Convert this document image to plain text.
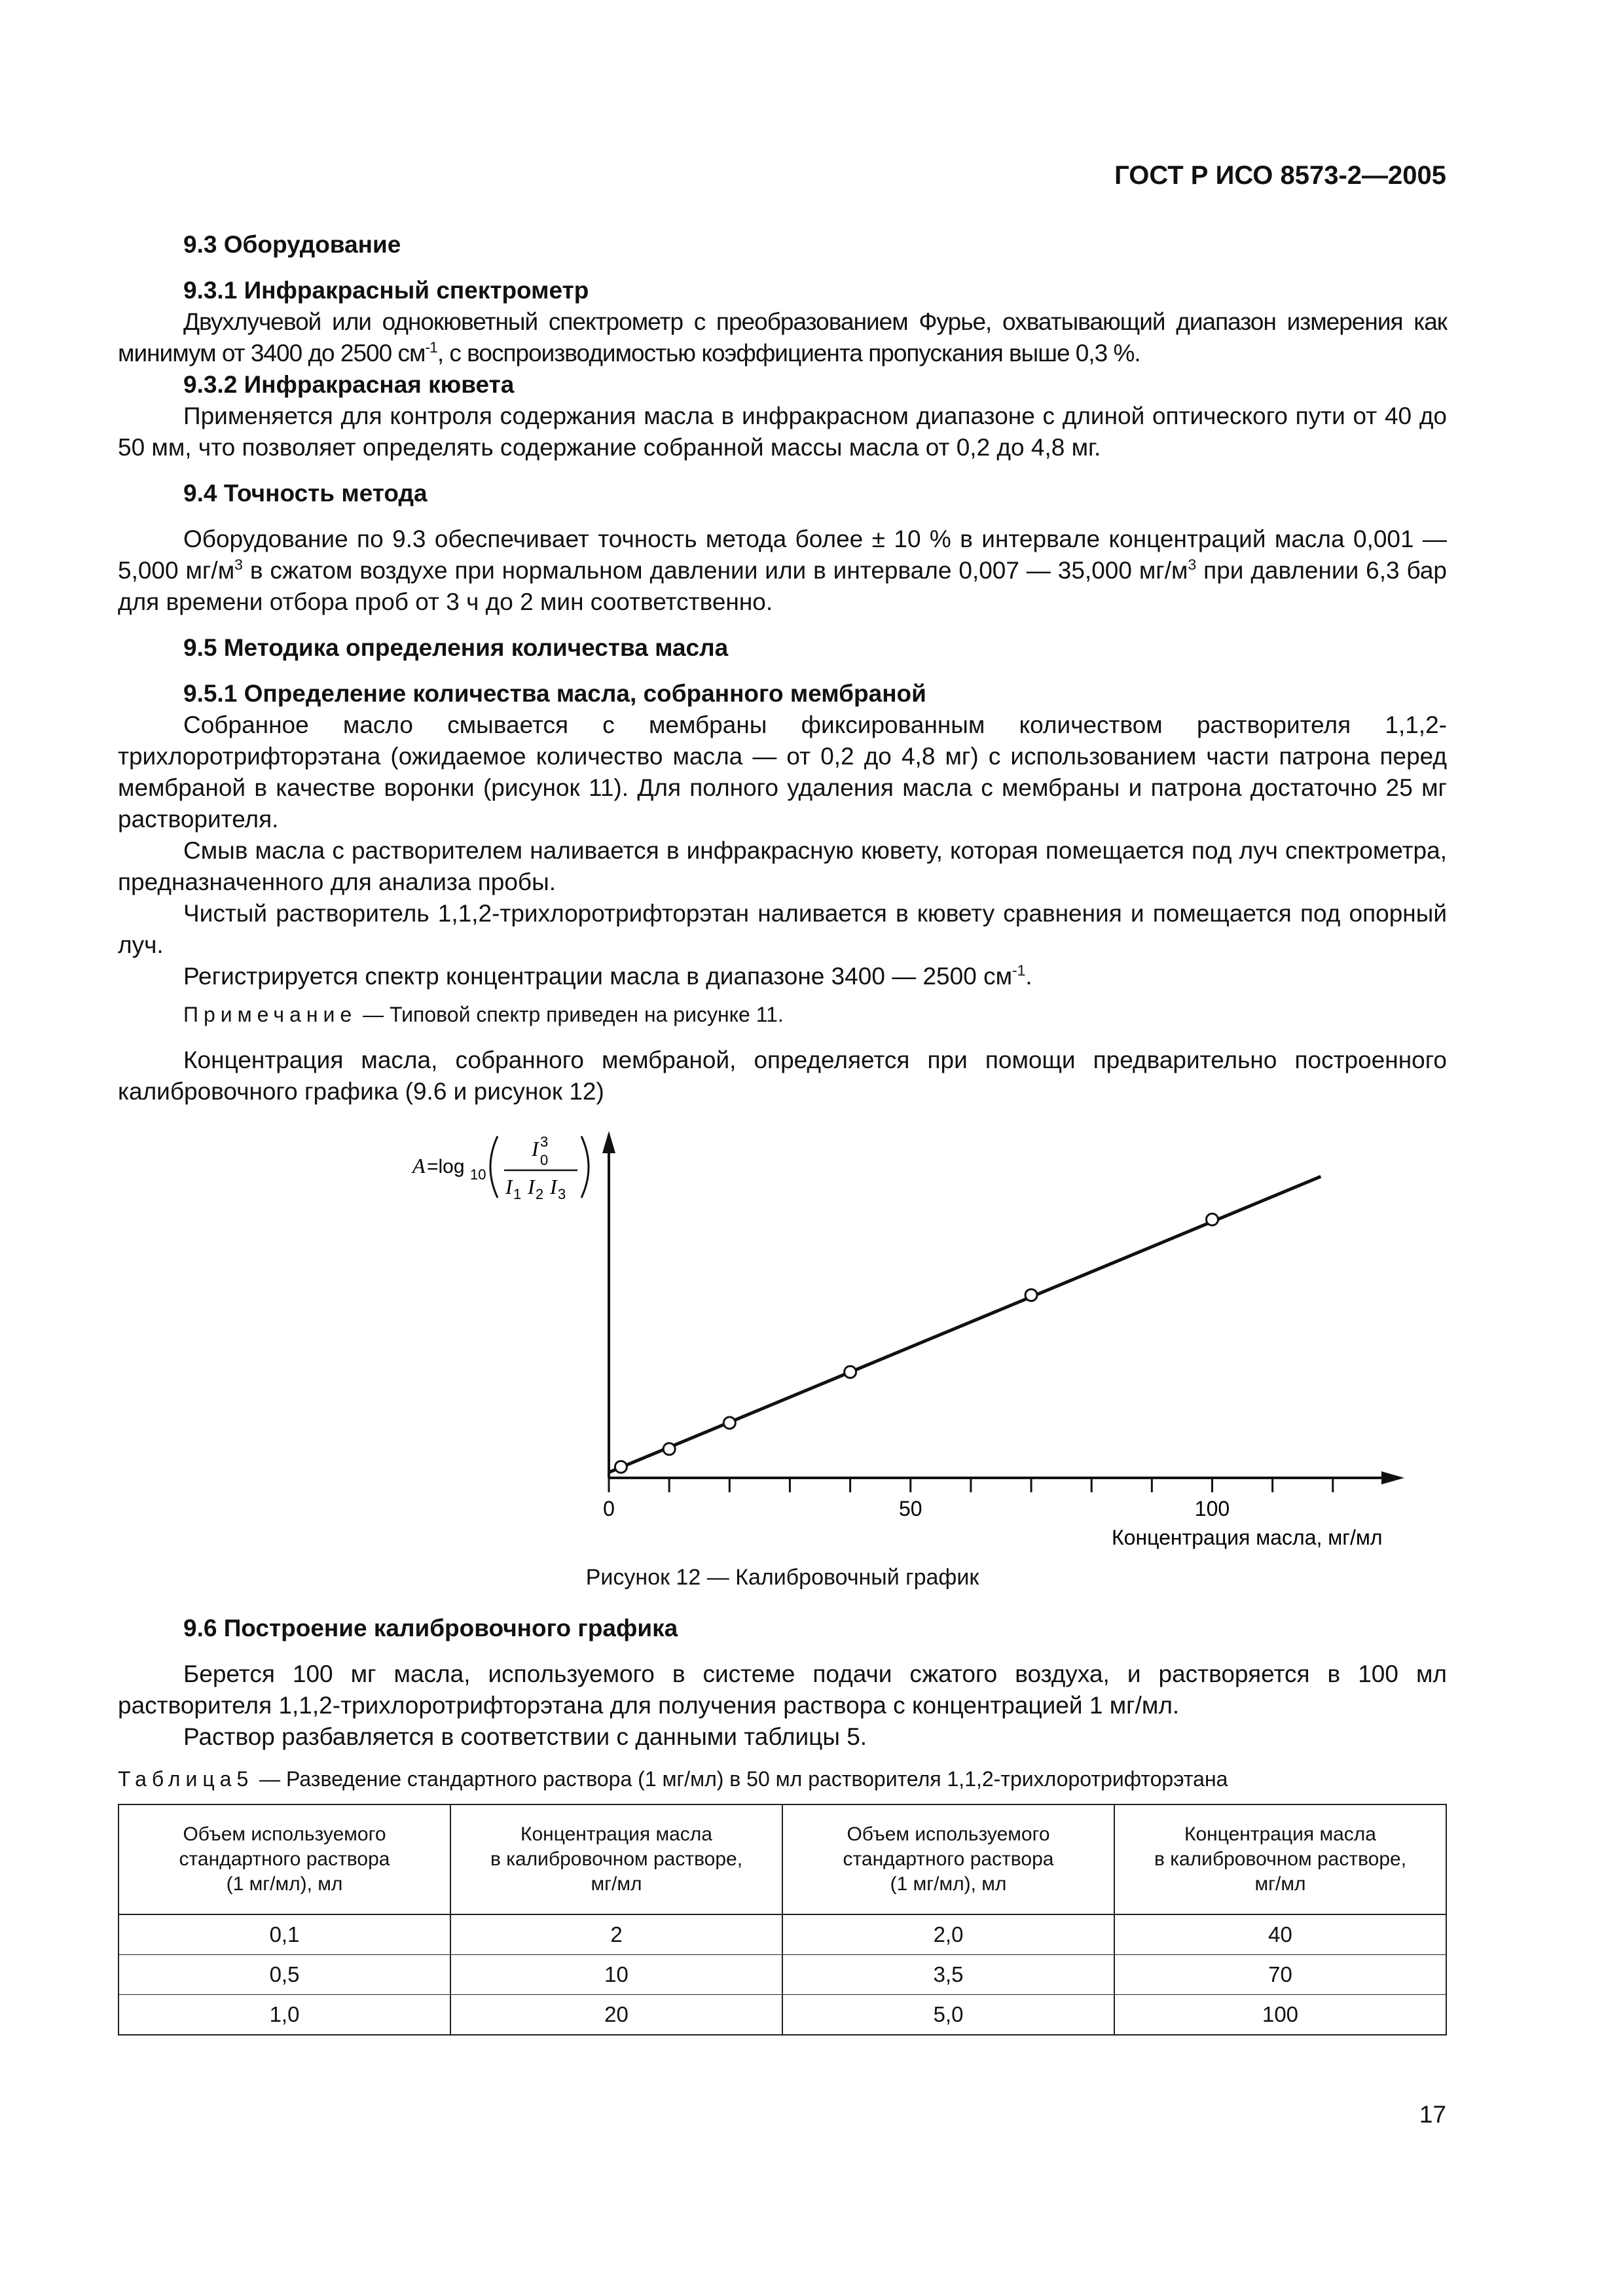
ГОСТ Р ИСО 8573-2—2005

9.3 Оборудование

9.3.1 Инфракрасный спектрометр

Двухлучевой или однокюветный спектрометр с преобразованием Фурье, охватывающий диапазон измерения как минимум от 3400 до 2500 $см^{-1}$, с воспроизводимостью коэффициента пропускания выше 0,3 %.

9.3.2 Инфракрасная кювета

Применяется для контроля содержания масла в инфракрасном диапазоне с длиной оптического пути от 40 до 50 мм, что позволяет определять содержание собранной массы масла от 0,2 до 4,8 мг.

9.4 Точность метода

Оборудование по 9.3 обеспечивает точность метода более ± 10 % в интервале концентраций масла 0,001 — 5,000 $мг/м^3$ в сжатом воздухе при нормальном давлении или в интервале 0,007 — 35,000 $мг/м^3$ при давлении 6,3 бар для времени отбора проб от 3 ч до 2 мин соответственно.

9.5 Методика определения количества масла

9.5.1 Определение количества масла, собранного мембраной

Собранное масло смывается с мембраны фиксированным количеством растворителя 1,1,2-трихлоротрифторэтана (ожидаемое количество масла — от 0,2 до 4,8 мг) с использованием части патрона перед мембраной в качестве воронки (рисунок 11). Для полного удаления масла с мембраны и патрона достаточно 25 мг растворителя.

Смыв масла с растворителем наливается в инфракрасную кювету, которая помещается под луч спектрометра, предназначенного для анализа пробы.

Чистый растворитель 1,1,2-трихлоротрифторэтан наливается в кювету сравнения и помещается под опорный луч.

Регистрируется спектр концентрации масла в диапазоне 3400 — 2500 $см^{-1}$.

Примечание — Типовой спектр приведен на рисунке 11.

Концентрация масла, собранного мембраной, определяется при помощи предварительно построенного калибровочного графика (9.6 и рисунок 12)

0	50	100
Концентрация масла, мг/мл
A =log 10
I 3
0
I 1 I 2 I 3
Рисунок 12 — Калибровочный график

9.6 Построение калибровочного графика

Берется 100 мг масла, используемого в системе подачи сжатого воздуха, и растворяется в 100 мл растворителя 1,1,2-трихлоротрифторэтана для получения раствора с концентрацией 1 мг/мл.

Раствор разбавляется в соответствии с данными таблицы 5.

Таблица5 — Разведение стандартного раствора (1 мг/мл) в 50 мл растворителя 1,1,2-трихлоротрифторэтана

Объем используемого
стандартного раствора
(1 мг/мл), мл	Концентрация масла
в калибровочном растворе,
мг/мл	Объем используемого
стандартного раствора
(1 мг/мл), мл	Концентрация масла
в калибровочном растворе,
мг/мл
0,1	2	2,0	40
0,5	10	3,5	70
1,0	20	5,0	100
17
